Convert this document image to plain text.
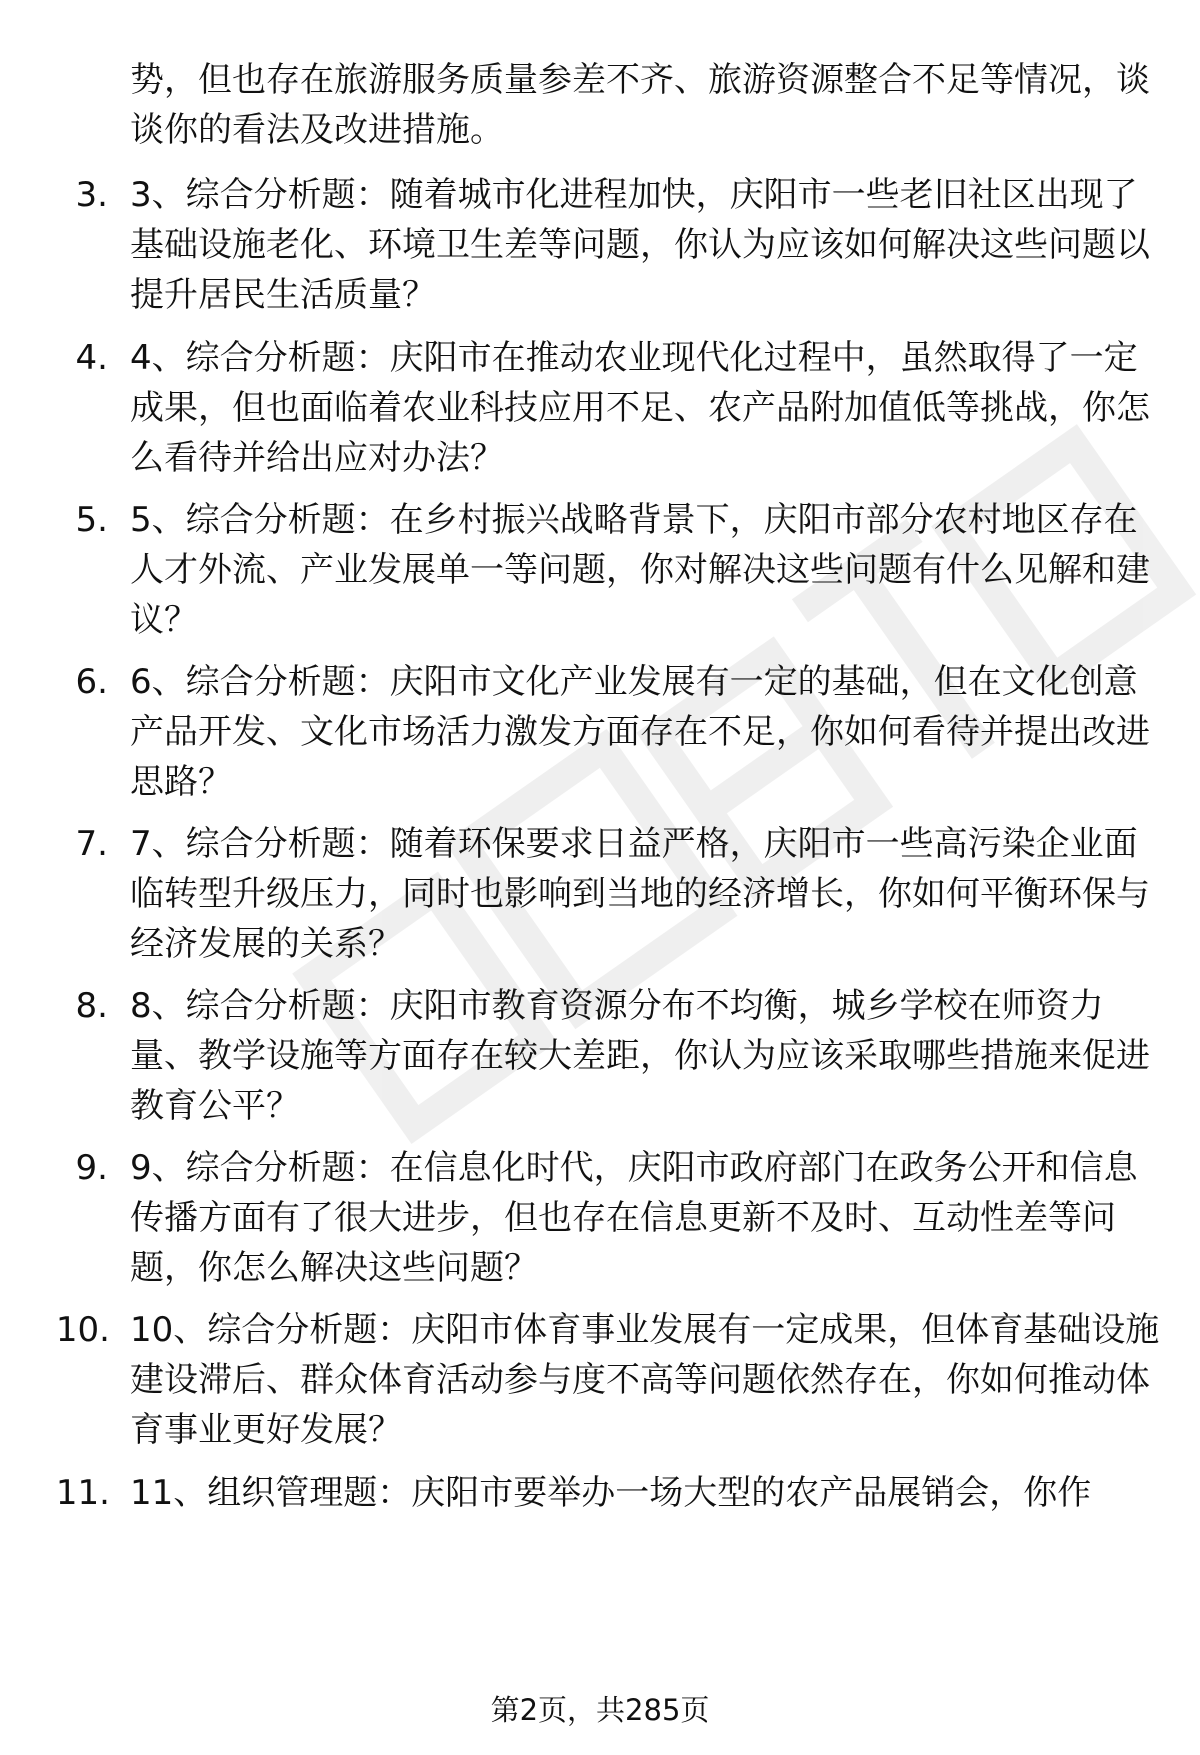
势，但也存在旅游服务质量参差不齐、旅游资源整合不足等情况，谈谈你的看法及改进措施。
3. 3、综合分析题：随着城市化进程加快，庆阳市一些老旧社区出现了基础设施老化、环境卫生差等问题，你认为应该如何解决这些问题以提升居民生活质量？
4. 4、综合分析题：庆阳市在推动农业现代化过程中，虽然取得了一定成果，但也面临着农业科技应用不足、农产品附加值低等挑战，你怎么看待并给出应对办法？
5. 5、综合分析题：在乡村振兴战略背景下，庆阳市部分农村地区存在人才外流、产业发展单一等问题，你对解决这些问题有什么见解和建议？
6. 6、综合分析题：庆阳市文化产业发展有一定的基础，但在文化创意产品开发、文化市场活力激发方面存在不足，你如何看待并提出改进思路？
7. 7、综合分析题：随着环保要求日益严格，庆阳市一些高污染企业面临转型升级压力，同时也影响到当地的经济增长，你如何平衡环保与经济发展的关系？
8. 8、综合分析题：庆阳市教育资源分布不均衡，城乡学校在师资力量、教学设施等方面存在较大差距，你认为应该采取哪些措施来促进教育公平？
9. 9、综合分析题：在信息化时代，庆阳市政府部门在政务公开和信息传播方面有了很大进步，但也存在信息更新不及时、互动性差等问题，你怎么解决这些问题？
10. 10、综合分析题：庆阳市体育事业发展有一定成果，但体育基础设施建设滞后、群众体育活动参与度不高等问题依然存在，你如何推动体育事业更好发展？
11. 11、组织管理题：庆阳市要举办一场大型的农产品展销会，你作
第2页，共285页
